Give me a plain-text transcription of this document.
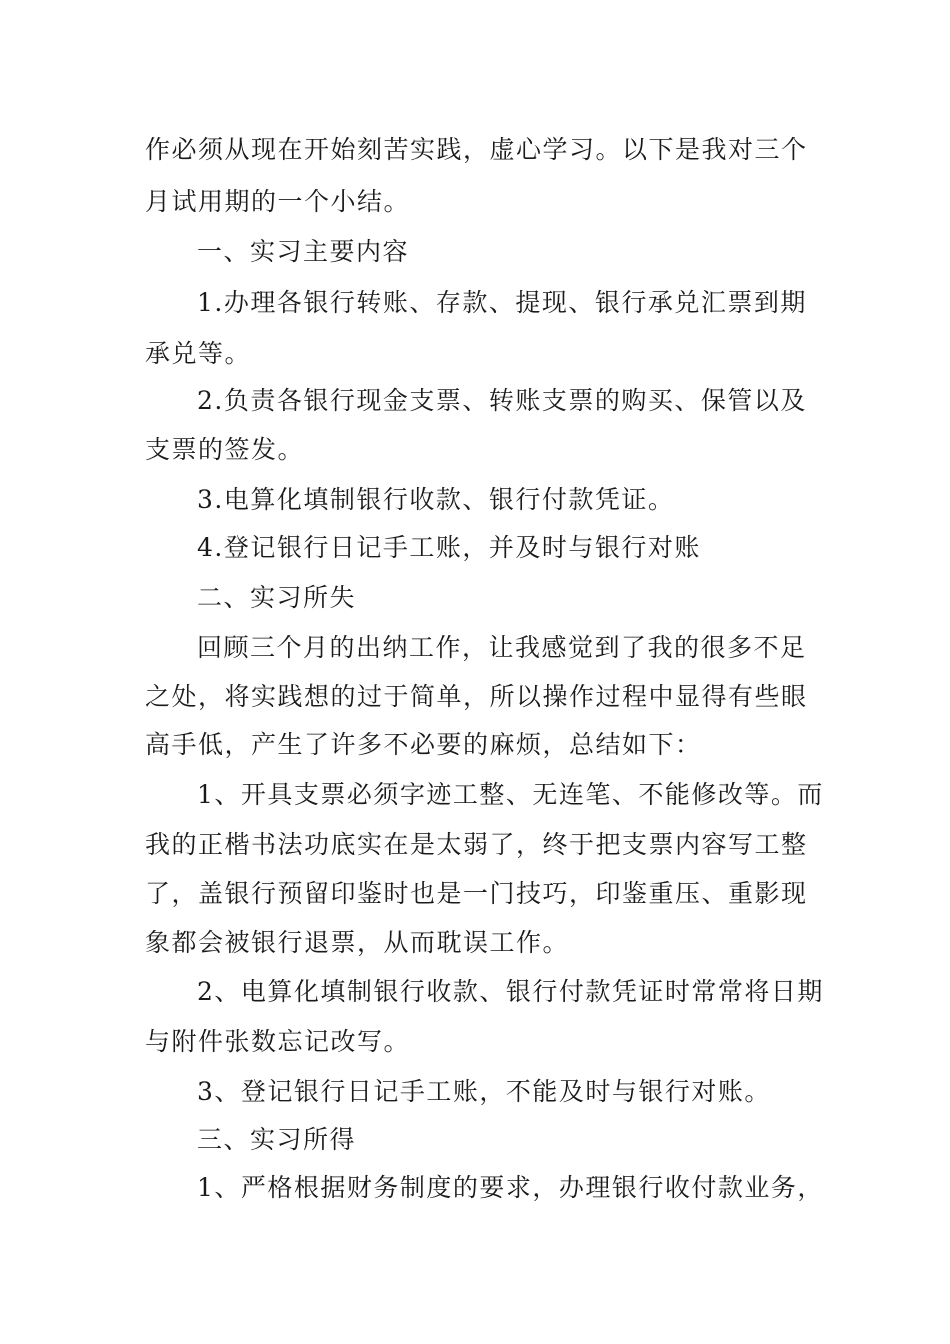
作必须从现在开始刻苦实践，虚心学习。以下是我对三个
月试用期的一个小结。
一、实习主要内容
1.办理各银行转账、存款、提现、银行承兑汇票到期
承兑等。
2.负责各银行现金支票、转账支票的购买、保管以及
支票的签发。
3.电算化填制银行收款、银行付款凭证。
4.登记银行日记手工账，并及时与银行对账
二、实习所失
回顾三个月的出纳工作，让我感觉到了我的很多不足
之处，将实践想的过于简单，所以操作过程中显得有些眼
高手低，产生了许多不必要的麻烦，总结如下：
1、开具支票必须字迹工整、无连笔、不能修改等。而
我的正楷书法功底实在是太弱了，终于把支票内容写工整
了，盖银行预留印鉴时也是一门技巧，印鉴重压、重影现
象都会被银行退票，从而耽误工作。
2、电算化填制银行收款、银行付款凭证时常常将日期
与附件张数忘记改写。
3、登记银行日记手工账，不能及时与银行对账。
三、实习所得
1、严格根据财务制度的要求，办理银行收付款业务，
